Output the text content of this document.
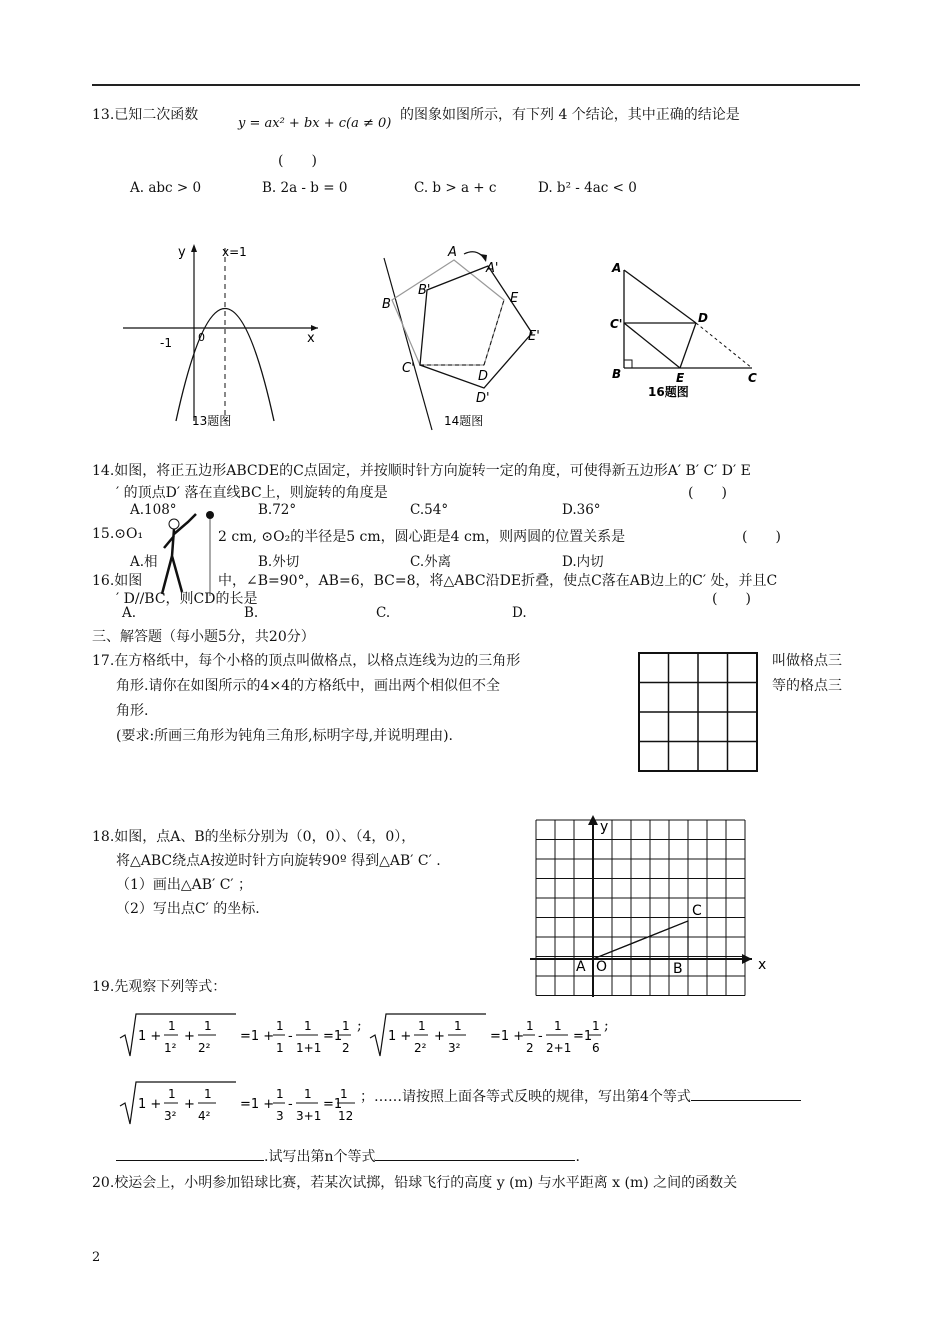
13.已知二次函数
y = ax² + bx + c(a ≠ 0)
的图象如图所示，有下列 4 个结论，其中正确的结论是
(　　)
A. abc > 0	B. 2a - b = 0	C. b > a + c	D. b² - 4ac < 0
y
x
x=1
-1 0
13题图
A
A'
B
B'
C'
D
D'
E
E'
14题图
A
C'	D
B	E	C
16题图
14.如图，将正五边形ABCDE的C点固定，并按顺时针方向旋转一定的角度，可使得新五边形A′ B′ C′ D′ E
′ 的顶点D′ 落在直线BC上，则旋转的角度是	(　　)
A.108°	B.72°	C.54°	D.36°
15.⊙O₁	2 cm, ⊙O₂的半径是5 cm，圆心距是4 cm，则两圆的位置关系是	(　　)
A.相	B.外切	C.外离	D.内切
16.如图	中，∠B=90°，AB=6，BC=8，将△ABC沿DE折叠，使点C落在AB边上的C′ 处，并且C
′ D//BC，则CD的长是	(　　)
A.	B.	C.	D.
三、解答题（每小题5分，共20分）
17.在方格纸中，每个小格的顶点叫做格点，以格点连线为边的三角形	叫做格点三
角形.请你在如图所示的4×4的方格纸中，画出两个相似但不全	等的格点三
角形.
(要求:所画三角形为钝角三角形,标明字母,并说明理由).
18.如图，点A、B的坐标分别为（0，0）、（4，0），
将△ABC绕点A按逆时针方向旋转90º 得到△AB′ C′ .
（1）画出△AB′ C′ ；
（2）写出点C′ 的坐标.
y
x
A O	B
C
19.先观察下列等式：
1 +
1
1²
+
1
2²
=1 +
1
1
-
1
1+1
=1
1
2
;
1 +
1
2²
+
1
3²
=1 +
1
2
-
1
2+1
=1
1
6
;
1 +
1
3²
+
1
4²
=1 +
1
3
-
1
3+1
=1
1
12
；……请按照上面各等式反映的规律，写出第4个等式
.试写出第n个等式	.
20.校运会上，小明参加铅球比赛，若某次试掷，铅球飞行的高度 y (m) 与水平距离 x (m) 之间的函数关
2
